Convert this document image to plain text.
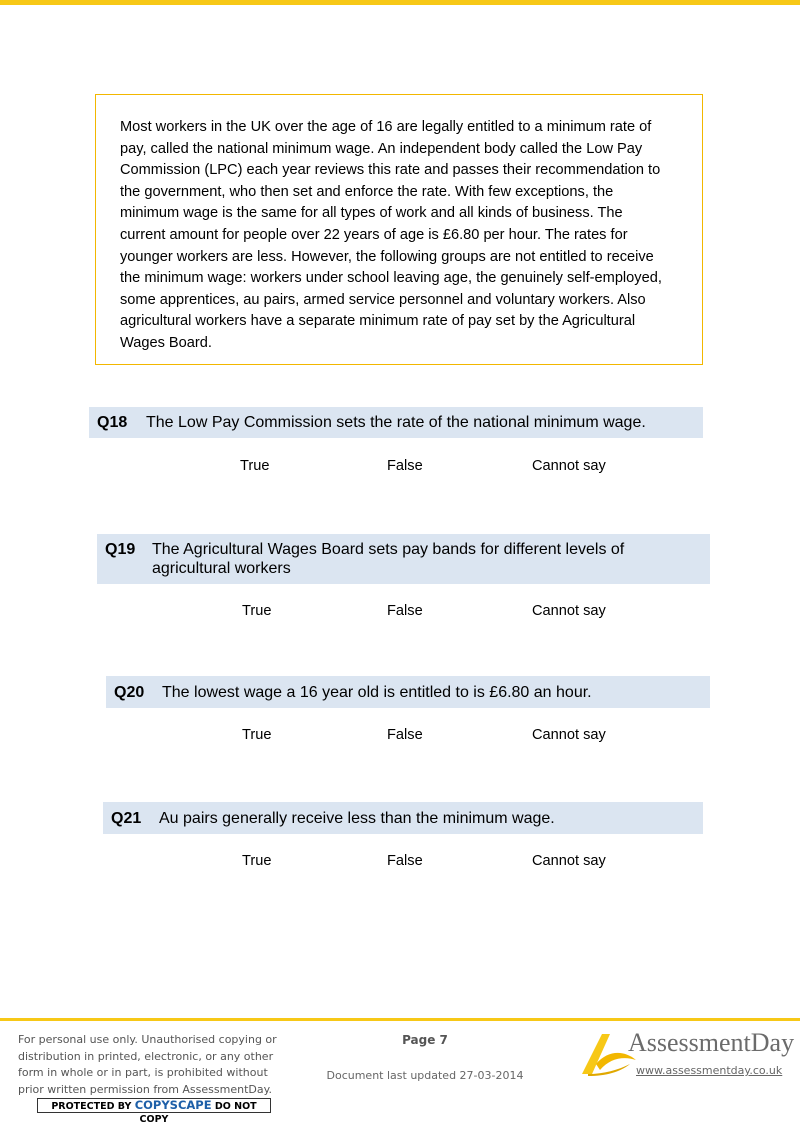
Most workers in the UK over the age of 16 are legally entitled to a minimum rate of

pay, called the national minimum wage. An independent body called the Low Pay

Commission (LPC) each year reviews this rate and passes their recommendation to

the government, who then set and enforce the rate. With few exceptions, the

minimum wage is the same for all types of work and all kinds of business. The

current amount for people over 22 years of age is £6.80 per hour. The rates for

younger workers are less. However, the following groups are not entitled to receive

the minimum wage: workers under school leaving age, the genuinely self-employed,

some apprentices, au pairs, armed service personnel and voluntary workers. Also

agricultural workers have a separate minimum rate of pay set by the Agricultural

Wages Board.

Q18 The Low Pay Commission sets the rate of the national minimum wage.
True	False	Cannot say
Q19 The Agricultural Wages Board sets pay bands for different levels of
agricultural workers
True	False	Cannot say
Q20 The lowest wage a 16 year old is entitled to is £6.80 an hour.
True	False	Cannot say
Q21 Au pairs generally receive less than the minimum wage.
True	False	Cannot say
For personal use only. Unauthorised copying or
distribution in printed, electronic, or any other
form in whole or in part, is prohibited without
prior written permission from AssessmentDay.
PROTECTED BY COPYSCAPE DO NOT COPY
Page 7
Document last updated 27-03-2014
AssessmentDay
www.assessmentday.co.uk
